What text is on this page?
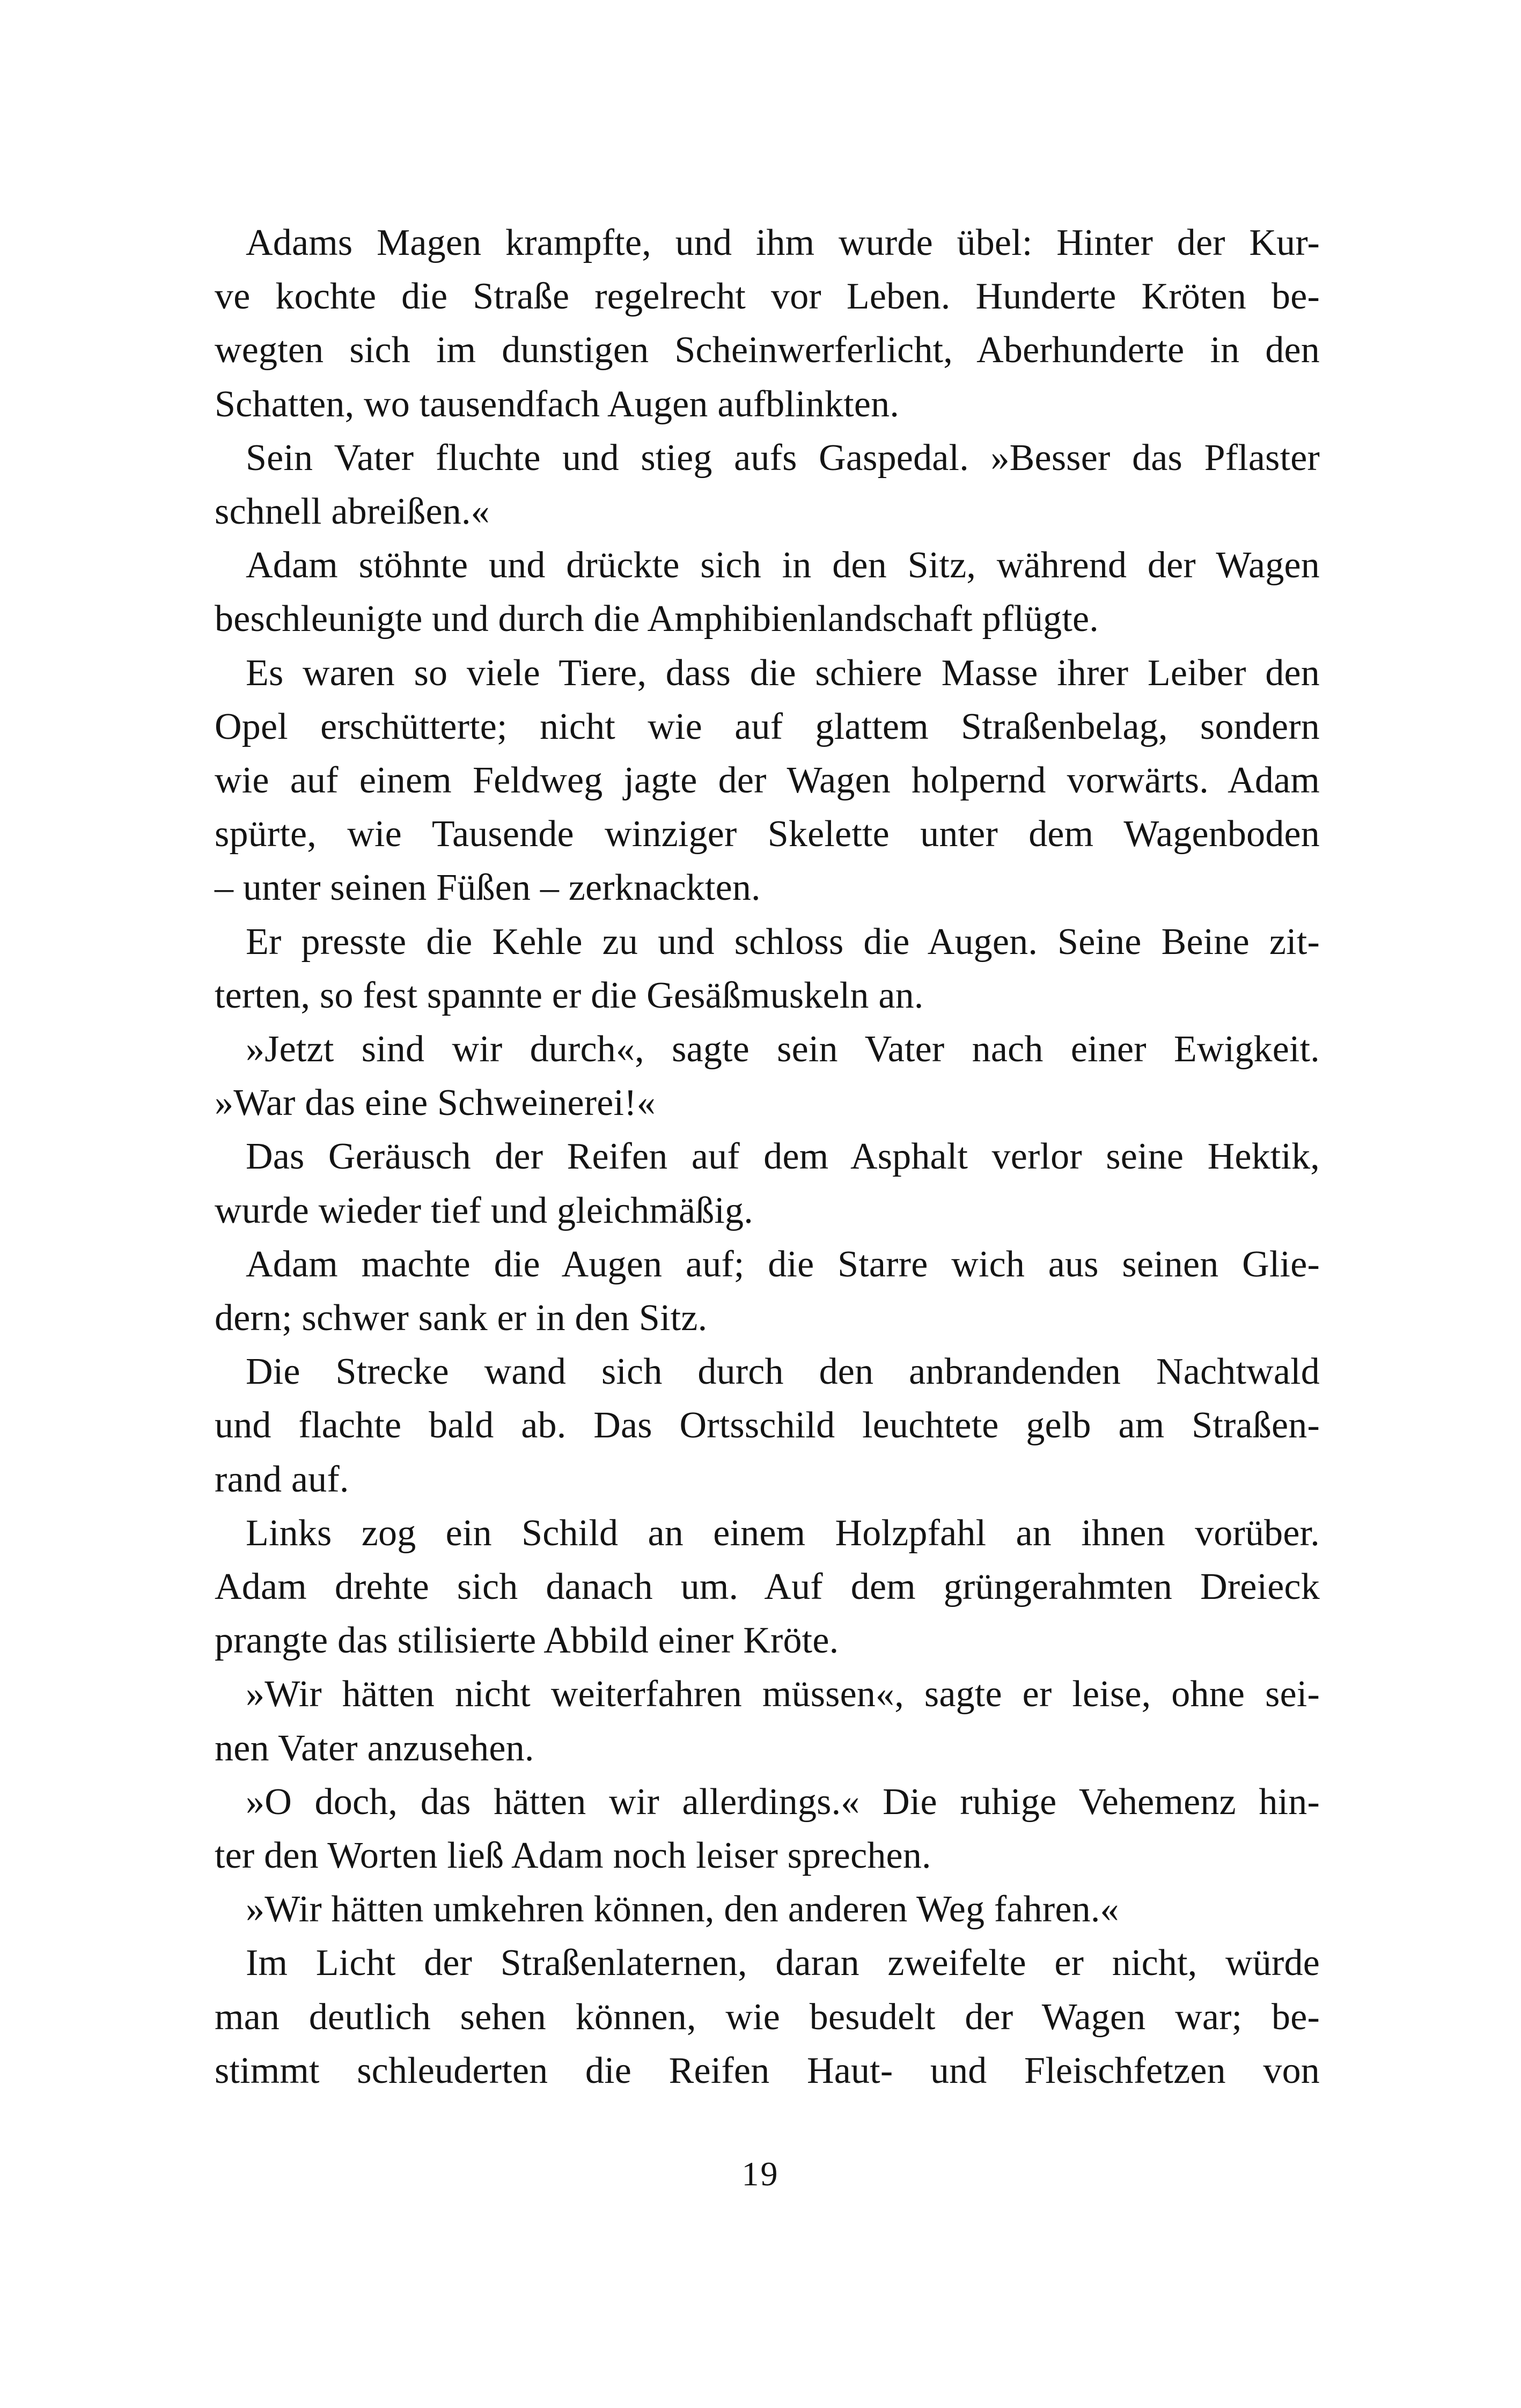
Adams Magen krampfte, und ihm wurde übel: Hinter der Kur-
ve kochte die Straße regelrecht vor Leben. Hunderte Kröten be-
wegten sich im dunstigen Scheinwerferlicht, Aberhunderte in den
Schatten, wo tausendfach Augen aufblinkten.
Sein Vater fluchte und stieg aufs Gaspedal. »Besser das Pflaster
schnell abreißen.«
Adam stöhnte und drückte sich in den Sitz, während der Wagen
beschleunigte und durch die Amphibienlandschaft pflügte.
Es waren so viele Tiere, dass die schiere Masse ihrer Leiber den
Opel erschütterte; nicht wie auf glattem Straßenbelag, sondern
wie auf einem Feldweg jagte der Wagen holpernd vorwärts. Adam
spürte, wie Tausende winziger Skelette unter dem Wagenboden
– unter seinen Füßen – zerknackten.
Er presste die Kehle zu und schloss die Augen. Seine Beine zit-
terten, so fest spannte er die Gesäßmuskeln an.
»Jetzt sind wir durch«, sagte sein Vater nach einer Ewigkeit.
»War das eine Schweinerei!«
Das Geräusch der Reifen auf dem Asphalt verlor seine Hektik,
wurde wieder tief und gleichmäßig.
Adam machte die Augen auf; die Starre wich aus seinen Glie-
dern; schwer sank er in den Sitz.
Die Strecke wand sich durch den anbrandenden Nachtwald
und flachte bald ab. Das Ortsschild leuchtete gelb am Straßen-
rand auf.
Links zog ein Schild an einem Holzpfahl an ihnen vorüber.
Adam drehte sich danach um. Auf dem grüngerahmten Dreieck
prangte das stilisierte Abbild einer Kröte.
»Wir hätten nicht weiterfahren müssen«, sagte er leise, ohne sei-
nen Vater anzusehen.
»O doch, das hätten wir allerdings.« Die ruhige Vehemenz hin-
ter den Worten ließ Adam noch leiser sprechen.
»Wir hätten umkehren können, den anderen Weg fahren.«
Im Licht der Straßenlaternen, daran zweifelte er nicht, würde
man deutlich sehen können, wie besudelt der Wagen war; be-
stimmt schleuderten die Reifen Haut- und Fleischfetzen von
19
